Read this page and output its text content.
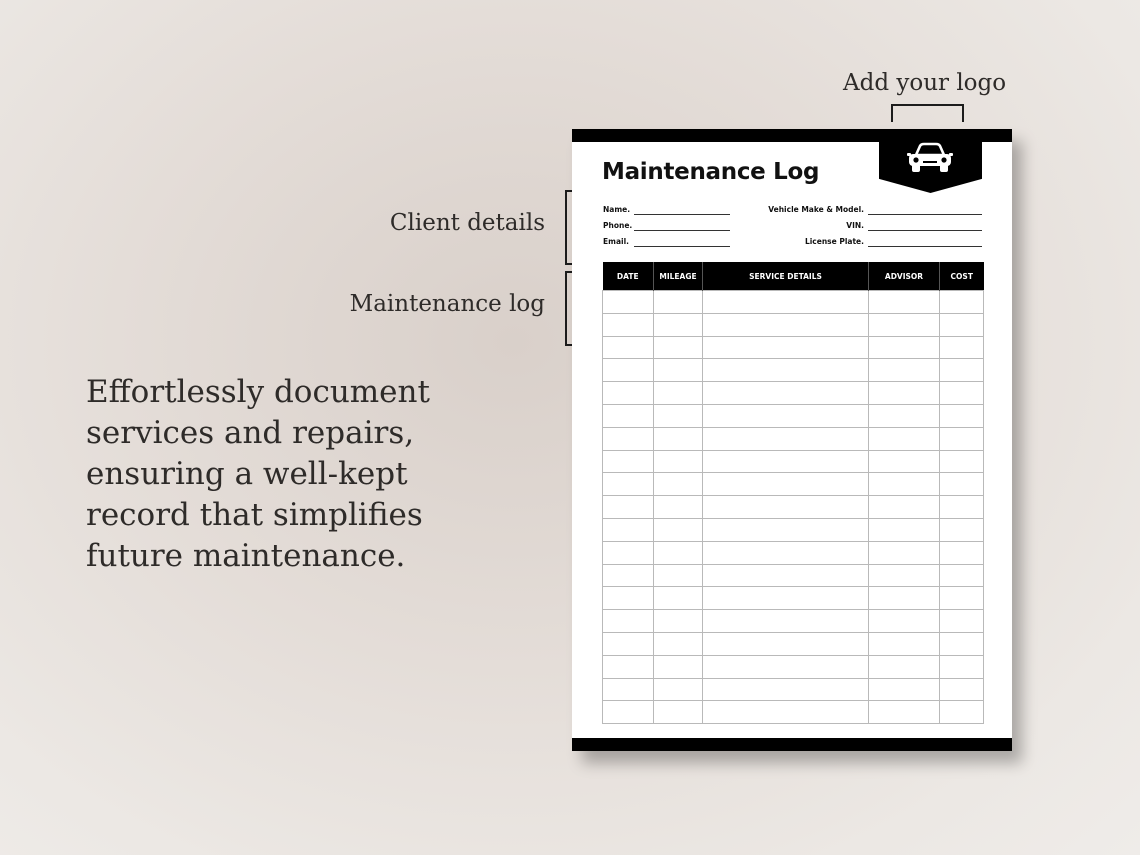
Add your logo
Client details
Maintenance log
Effortlessly document services and repairs, ensuring a well-kept record that simplifies future maintenance.
Maintenance Log
Name.
Phone.
Email.
Vehicle Make & Model.
VIN.
License Plate.
DATE	MILEAGE	SERVICE DETAILS	ADVISOR	COST
